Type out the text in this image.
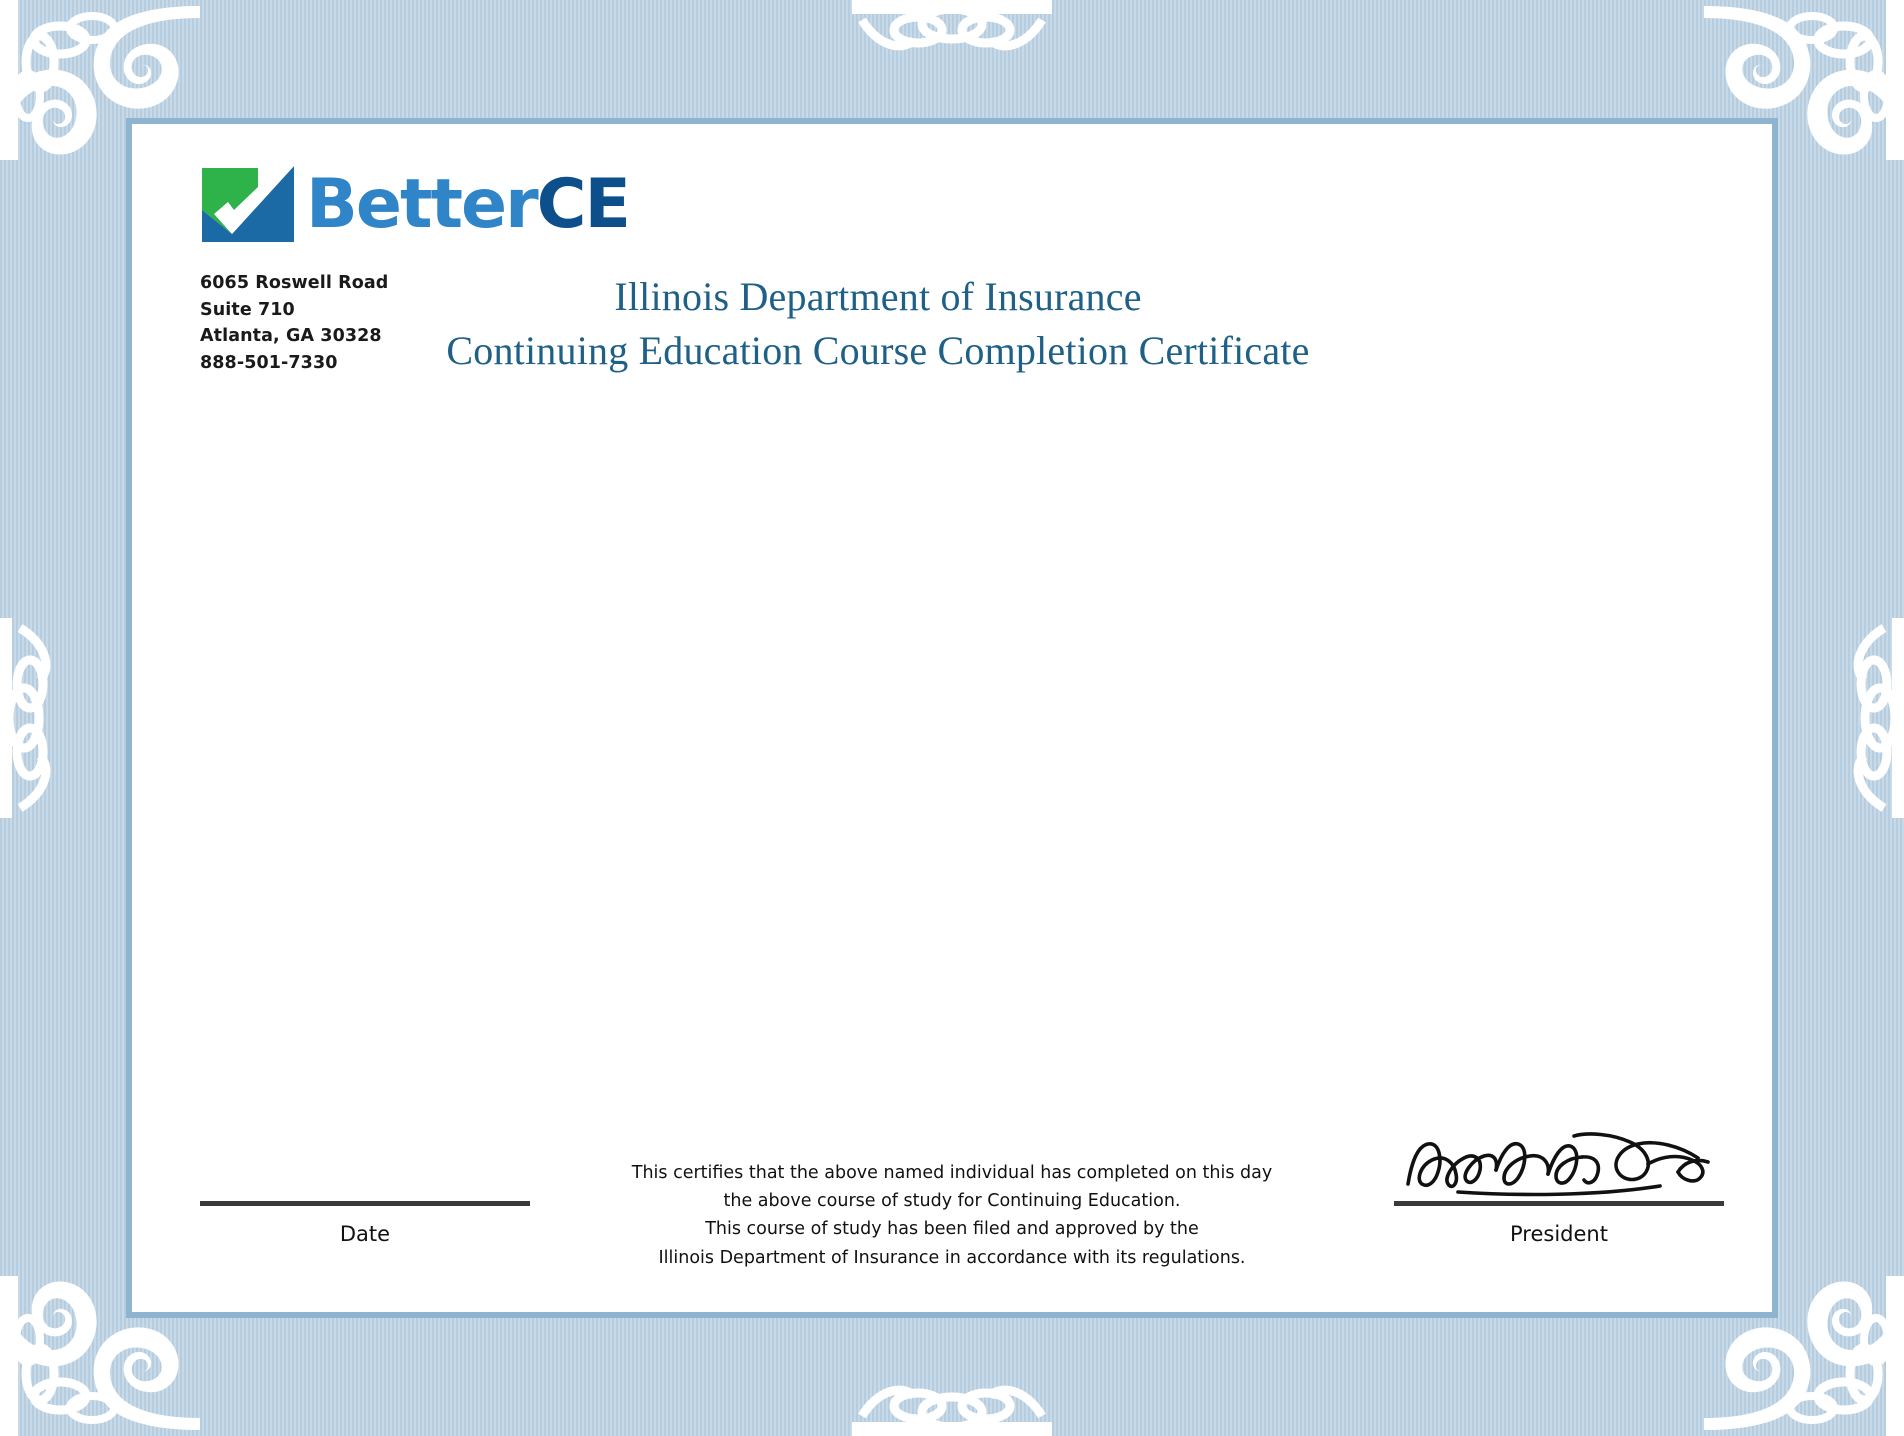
BetterCE
6065 Roswell Road
Suite 710
Atlanta, GA 30328
888-501-7330
Illinois Department of Insurance
Continuing Education Course Completion Certificate
This certifies that the above named individual has completed on this day
the above course of study for Continuing Education.
This course of study has been filed and approved by the
Illinois Department of Insurance in accordance with its regulations.
Date	President
